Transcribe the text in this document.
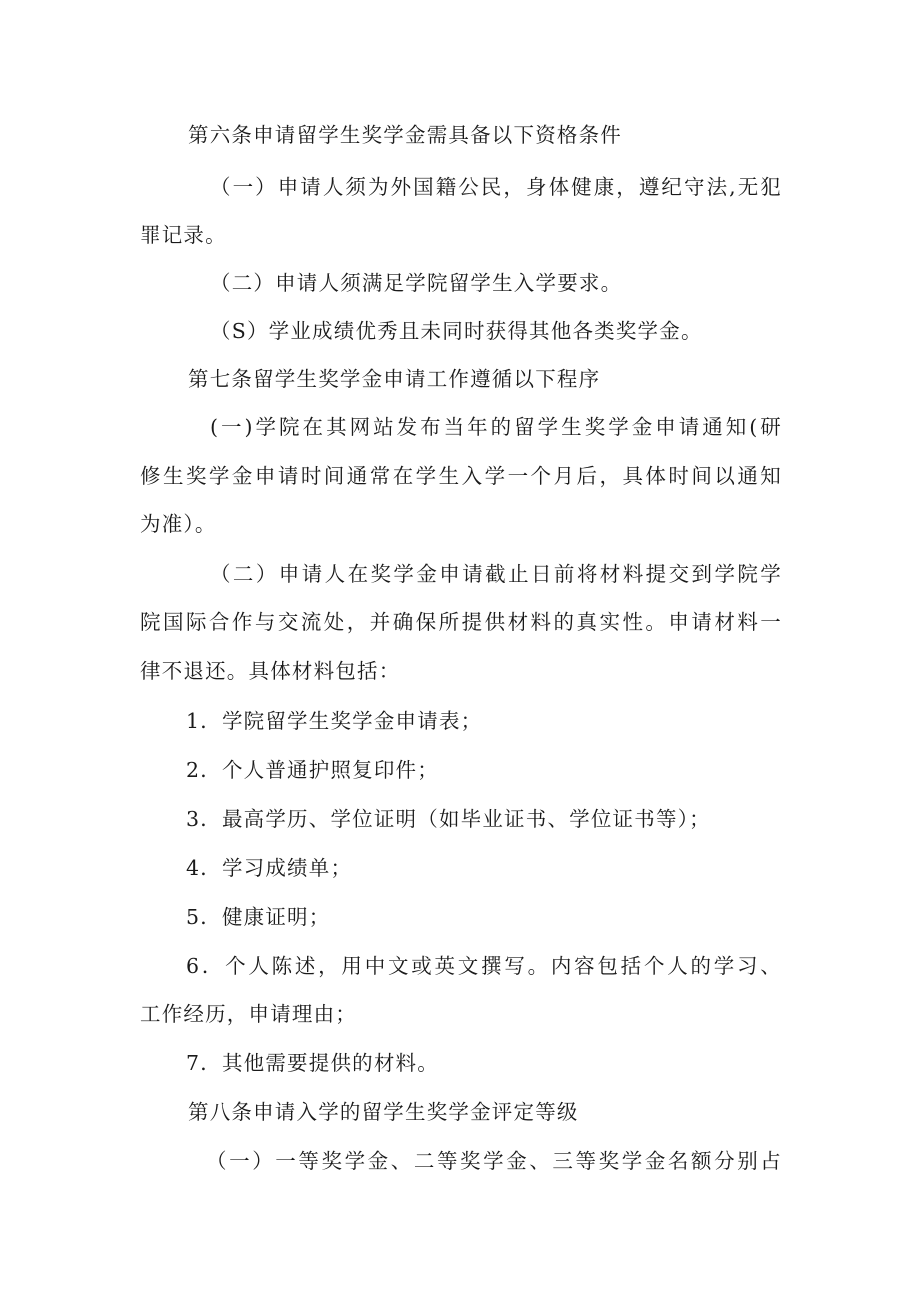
第六条申请留学生奖学金需具备以下资格条件
（一）申请人须为外国籍公民，身体健康，遵纪守法,无犯
罪记录。
（二）申请人须满足学院留学生入学要求。
（S）学业成绩优秀且未同时获得其他各类奖学金。
第七条留学生奖学金申请工作遵循以下程序
(一)学院在其网站发布当年的留学生奖学金申请通知(研
修生奖学金申请时间通常在学生入学一个月后，具体时间以通知
为准）。
（二）申请人在奖学金申请截止日前将材料提交到学院学
院国际合作与交流处，并确保所提供材料的真实性。申请材料一
律不退还。具体材料包括：
1．学院留学生奖学金申请表；
2．个人普通护照复印件；
3．最高学历、学位证明（如毕业证书、学位证书等）；
4．学习成绩单；
5．健康证明；
6．个人陈述，用中文或英文撰写。内容包括个人的学习、
工作经历，申请理由；
7．其他需要提供的材料。
第八条申请入学的留学生奖学金评定等级
（一）一等奖学金、二等奖学金、三等奖学金名额分别占
